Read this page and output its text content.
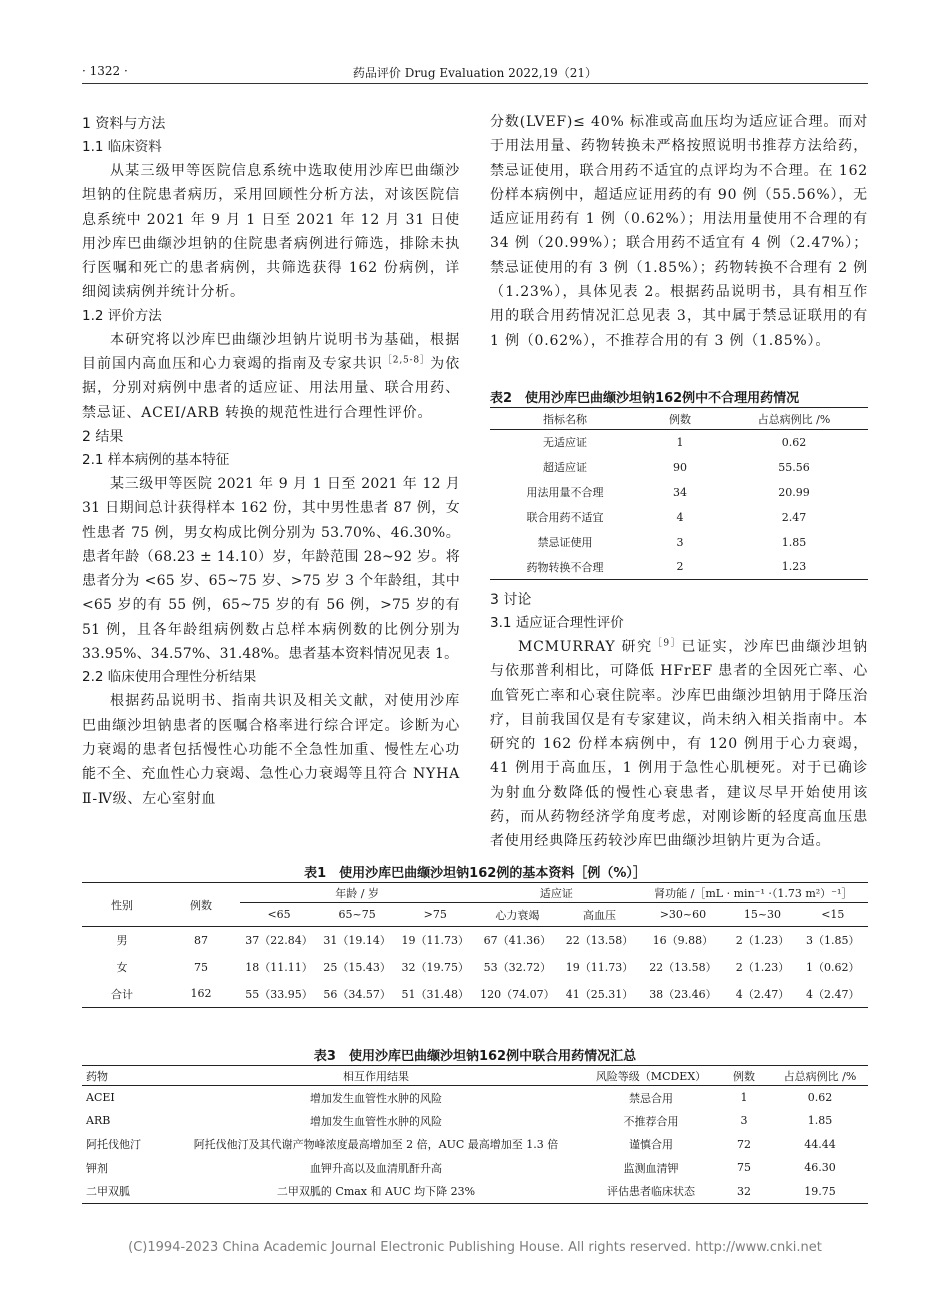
· 1322 ·	药品评价 Drug Evaluation 2022,19（21）
1 资料与方法
1.1 临床资料

从某三级甲等医院信息系统中选取使用沙库巴曲缬沙坦钠的住院患者病历，采用回顾性分析方法，对该医院信息系统中 2021 年 9 月 1 日至 2021 年 12 月 31 日使用沙库巴曲缬沙坦钠的住院患者病例进行筛选，排除未执行医嘱和死亡的患者病例，共筛选获得 162 份病例，详细阅读病例并统计分析。

1.2 评价方法

本研究将以沙库巴曲缬沙坦钠片说明书为基础，根据目前国内高血压和心力衰竭的指南及专家共识$^{[2,5-8]}$为依据，分别对病例中患者的适应证、用法用量、联合用药、禁忌证、ACEI/ARB 转换的规范性进行合理性评价。

2 结果
2.1 样本病例的基本特征

某三级甲等医院 2021 年 9 月 1 日至 2021 年 12 月 31 日期间总计获得样本 162 份，其中男性患者 87 例，女性患者 75 例，男女构成比例分别为 53.70%、46.30%。患者年龄（68.23 ± 14.10）岁，年龄范围 28~92 岁。将患者分为 <65 岁、65~75 岁、>75 岁 3 个年龄组，其中 <65 岁的有 55 例，65~75 岁的有 56 例，>75 岁的有 51 例，且各年龄组病例数占总样本病例数的比例分别为 33.95%、34.57%、31.48%。患者基本资料情况见表 1。

2.2 临床使用合理性分析结果

根据药品说明书、指南共识及相关文献，对使用沙库巴曲缬沙坦钠患者的医嘱合格率进行综合评定。诊断为心力衰竭的患者包括慢性心功能不全急性加重、慢性左心功能不全、充血性心力衰竭、急性心力衰竭等且符合 NYHA Ⅱ-Ⅳ级、左心室射血

分数(LVEF)≤ 40% 标准或高血压均为适应证合理。而对于用法用量、药物转换未严格按照说明书推荐方法给药，禁忌证使用，联合用药不适宜的点评均为不合理。在 162 份样本病例中，超适应证用药的有 90 例（55.56%），无适应证用药有 1 例（0.62%）；用法用量使用不合理的有 34 例（20.99%）；联合用药不适宜有 4 例（2.47%）；禁忌证使用的有 3 例（1.85%）；药物转换不合理有 2 例（1.23%），具体见表 2。根据药品说明书，具有相互作用的联合用药情况汇总见表 3，其中属于禁忌证联用的有 1 例（0.62%），不推荐合用的有 3 例（1.85%）。

表2　使用沙库巴曲缬沙坦钠162例中不合理用药情况
指标名称	例数	占总病例比 /%
无适应证	1	0.62
超适应证	90	55.56
用法用量不合理	34	20.99
联合用药不适宜	4	2.47
禁忌证使用	3	1.85
药物转换不合理	2	1.23
3 讨论
3.1 适应证合理性评价

MCMURRAY 研究$^{[9]}$已证实，沙库巴曲缬沙坦钠与依那普利相比，可降低 HFrEF 患者的全因死亡率、心血管死亡率和心衰住院率。沙库巴曲缬沙坦钠用于降压治疗，目前我国仅是有专家建议，尚未纳入相关指南中。本研究的 162 份样本病例中，有 120 例用于心力衰竭，41 例用于高血压，1 例用于急性心肌梗死。对于已确诊为射血分数降低的慢性心衰患者，建议尽早开始使用该药，而从药物经济学角度考虑，对刚诊断的轻度高血压患者使用经典降压药较沙库巴曲缬沙坦钠片更为合适。

表1　使用沙库巴曲缬沙坦钠162例的基本资料［例（%）］
性别	例数	年龄 / 岁			适应证		肾功能 /［mL · min⁻¹ ·（1.73 m²）⁻¹］		
		<65	65~75	>75	心力衰竭	高血压	>30~60	15~30	<15
男	87	37（22.84）	31（19.14）	19（11.73）	67（41.36）	22（13.58）	16（9.88）	2（1.23）	3（1.85）
女	75	18（11.11）	25（15.43）	32（19.75）	53（32.72）	19（11.73）	22（13.58）	2（1.23）	1（0.62）
合计	162	55（33.95）	56（34.57）	51（31.48）	120（74.07）	41（25.31）	38（23.46）	4（2.47）	4（2.47）
表3　使用沙库巴曲缬沙坦钠162例中联合用药情况汇总
药物	相互作用结果	风险等级（MCDEX）	例数	占总病例比 /%
ACEI	增加发生血管性水肿的风险	禁忌合用	1	0.62
ARB	增加发生血管性水肿的风险	不推荐合用	3	1.85
阿托伐他汀	阿托伐他汀及其代谢产物峰浓度最高增加至 2 倍，AUC 最高增加至 1.3 倍	谨慎合用	72	44.44
钾剂	血钾升高以及血清肌酐升高	监测血清钾	75	46.30
二甲双胍	二甲双胍的 Cmax 和 AUC 均下降 23%	评估患者临床状态	32	19.75
(C)1994-2023 China Academic Journal Electronic Publishing House. All rights reserved. http://www.cnki.net
